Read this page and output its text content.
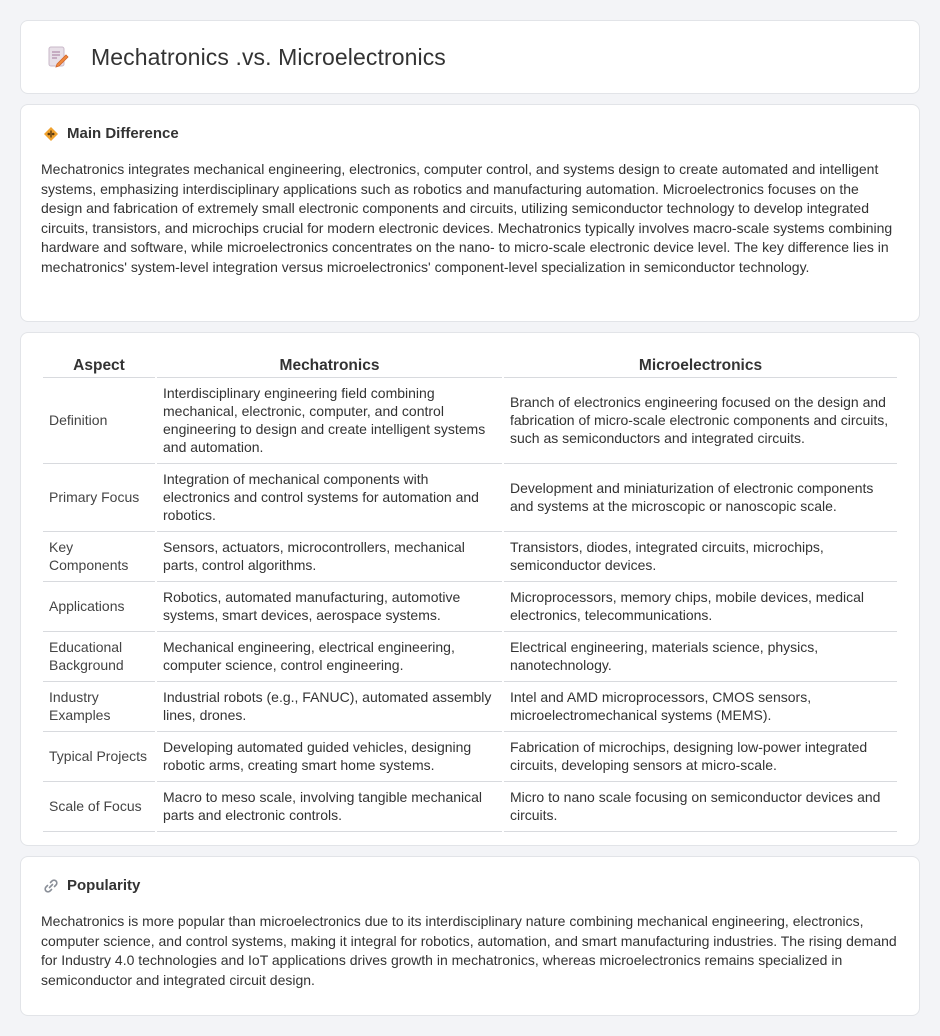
Mechatronics .vs. Microelectronics
Main Difference

Mechatronics integrates mechanical engineering, electronics, computer control, and systems design to create automated and intelligent systems, emphasizing interdisciplinary applications such as robotics and manufacturing automation. Microelectronics focuses on the design and fabrication of extremely small electronic components and circuits, utilizing semiconductor technology to develop integrated circuits, transistors, and microchips crucial for modern electronic devices. Mechatronics typically involves macro-scale systems combining hardware and software, while microelectronics concentrates on the nano- to micro-scale electronic device level. The key difference lies in mechatronics' system-level integration versus microelectronics' component-level specialization in semiconductor technology.

Aspect	Mechatronics	Microelectronics
Definition	Interdisciplinary engineering field combining mechanical, electronic, computer, and control engineering to design and create intelligent systems and automation.	Branch of electronics engineering focused on the design and fabrication of micro-scale electronic components and circuits, such as semiconductors and integrated circuits.
Primary Focus	Integration of mechanical components with electronics and control systems for automation and robotics.	Development and miniaturization of electronic components and systems at the microscopic or nanoscopic scale.
Key Components	Sensors, actuators, microcontrollers, mechanical parts, control algorithms.	Transistors, diodes, integrated circuits, microchips, semiconductor devices.
Applications	Robotics, automated manufacturing, automotive systems, smart devices, aerospace systems.	Microprocessors, memory chips, mobile devices, medical electronics, telecommunications.
Educational Background	Mechanical engineering, electrical engineering, computer science, control engineering.	Electrical engineering, materials science, physics, nanotechnology.
Industry Examples	Industrial robots (e.g., FANUC), automated assembly lines, drones.	Intel and AMD microprocessors, CMOS sensors, microelectromechanical systems (MEMS).
Typical Projects	Developing automated guided vehicles, designing robotic arms, creating smart home systems.	Fabrication of microchips, designing low-power integrated circuits, developing sensors at micro-scale.
Scale of Focus	Macro to meso scale, involving tangible mechanical parts and electronic controls.	Micro to nano scale focusing on semiconductor devices and circuits.
Popularity

Mechatronics is more popular than microelectronics due to its interdisciplinary nature combining mechanical engineering, electronics, computer science, and control systems, making it integral for robotics, automation, and smart manufacturing industries. The rising demand for Industry 4.0 technologies and IoT applications drives growth in mechatronics, whereas microelectronics remains specialized in semiconductor and integrated circuit design.
